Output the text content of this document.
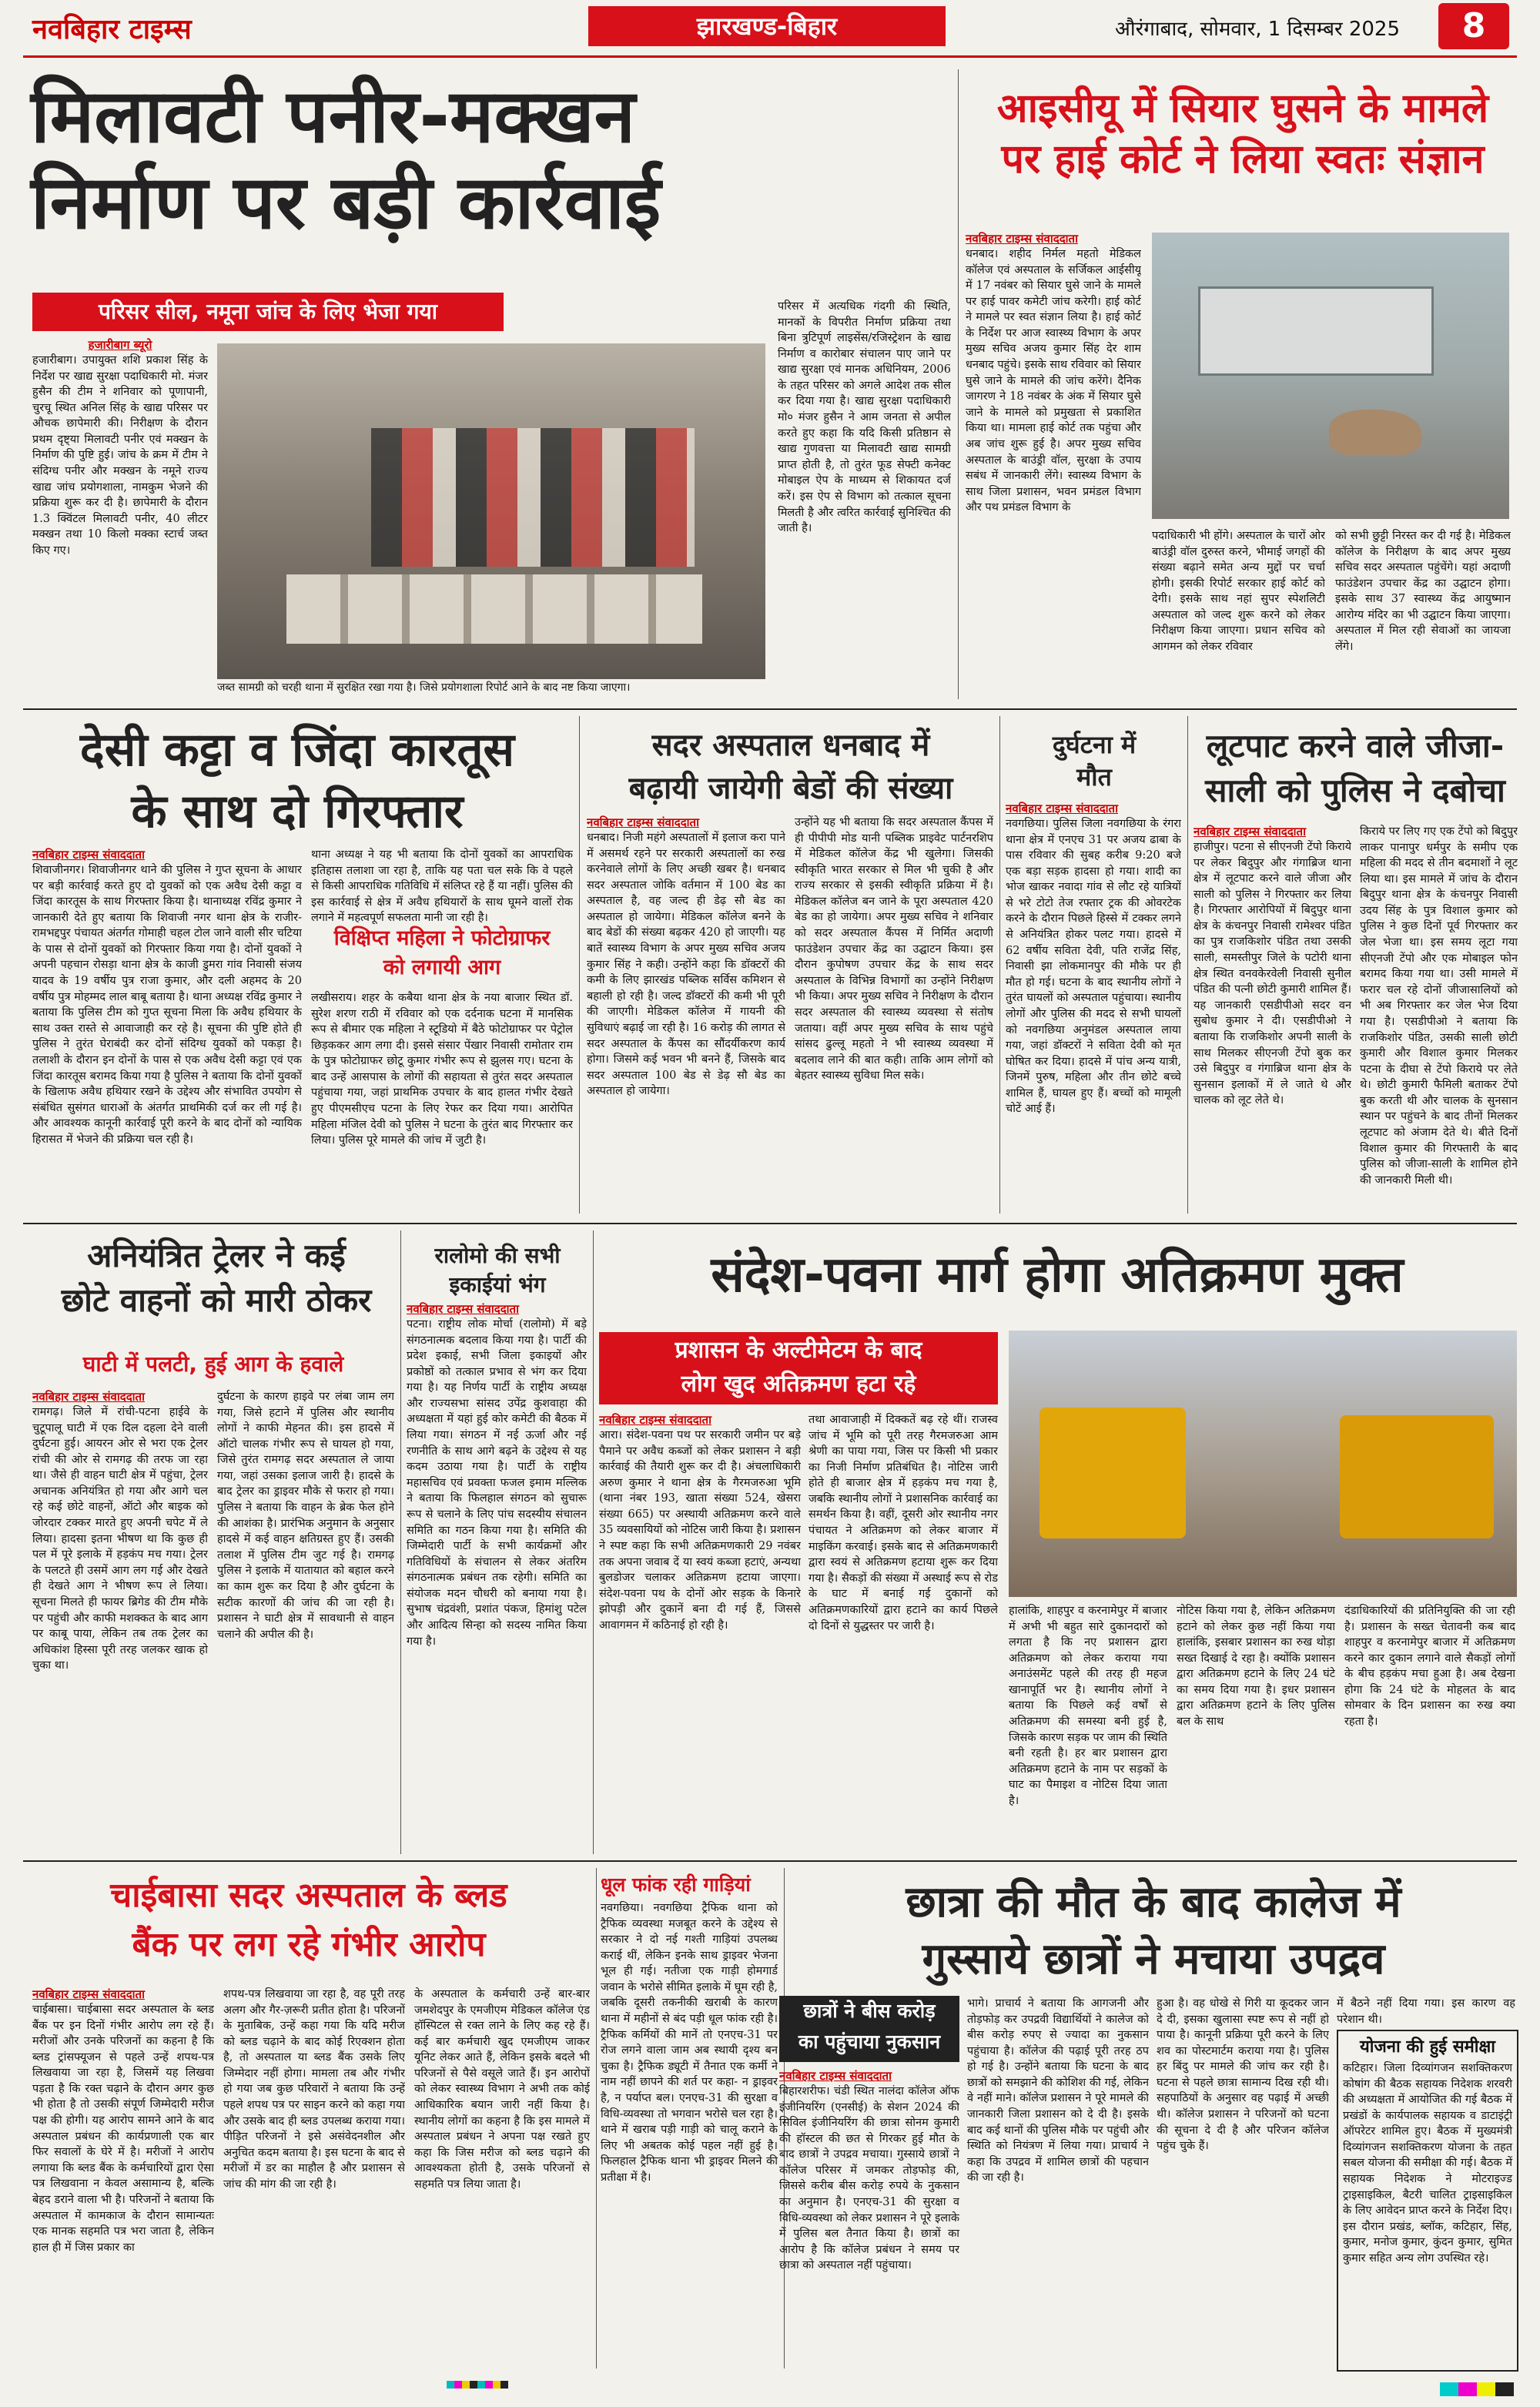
नवबिहार टाइम्स	झारखण्ड-बिहार	औरंगाबाद, सोमवार, 1 दिसम्बर 2025	8
मिलावटी पनीर-मक्खन
निर्माण पर बड़ी कार्रवाई
परिसर सील, नमूना जांच के लिए भेजा गया
हजारीबाग ब्यूरो
हजारीबाग। उपायुक्त शशि प्रकाश सिंह के निर्देश पर खाद्य सुरक्षा पदाधिकारी मो. मंजर हुसैन की टीम ने शनिवार को पूणापानी, चुरचू स्थित अनिल सिंह के खाद्य परिसर पर औचक छापेमारी की। निरीक्षण के दौरान प्रथम दृष्ट्या मिलावटी पनीर एवं मक्खन के निर्माण की पुष्टि हुई। जांच के क्रम में टीम ने संदिग्ध पनीर और मक्खन के नमूने राज्य खाद्य जांच प्रयोगशाला, नामकुम भेजने की प्रक्रिया शुरू कर दी है। छापेमारी के दौरान 1.3 क्विंटल मिलावटी पनीर, 40 लीटर मक्खन तथा 10 किलो मक्का स्टार्च जब्त किए गए।
जब्त सामग्री को चरही थाना में सुरक्षित रखा गया है। जिसे प्रयोगशाला रिपोर्ट आने के बाद नष्ट किया जाएगा।
परिसर में अत्यधिक गंदगी की स्थिति, मानकों के विपरीत निर्माण प्रक्रिया तथा बिना त्रुटिपूर्ण लाइसेंस/रजिस्ट्रेशन के खाद्य निर्माण व कारोबार संचालन पाए जाने पर खाद्य सुरक्षा एवं मानक अधिनियम, 2006 के तहत परिसर को अगले आदेश तक सील कर दिया गया है। खाद्य सुरक्षा पदाधिकारी मो० मंजर हुसैन ने आम जनता से अपील करते हुए कहा कि यदि किसी प्रतिष्ठान से खाद्य गुणवत्ता या मिलावटी खाद्य सामग्री प्राप्त होती है, तो तुरंत फूड सेफ्टी कनेक्ट मोबाइल ऐप के माध्यम से शिकायत दर्ज करें। इस ऐप से विभाग को तत्काल सूचना मिलती है और त्वरित कार्रवाई सुनिश्चित की जाती है।
आइसीयू में सियार घुसने के मामले
पर हाई कोर्ट ने लिया स्वतः संज्ञान
नवबिहार टाइम्स संवाददाता
धनबाद। शहीद निर्मल महतो मेडिकल कॉलेज एवं अस्पताल के सर्जिकल आईसीयू में 17 नवंबर को सियार घुसे जाने के मामले पर हाई पावर कमेटी जांच करेगी। हाई कोर्ट ने मामले पर स्वत संज्ञान लिया है। हाई कोर्ट के निर्देश पर आज स्वास्थ्य विभाग के अपर मुख्य सचिव अजय कुमार सिंह देर शाम धनबाद पहुंचे। इसके साथ रविवार को सियार घुसे जाने के मामले की जांच करेंगे। दैनिक जागरण ने 18 नवंबर के अंक में सियार घुसे जाने के मामले को प्रमुखता से प्रकाशित किया था। मामला हाई कोर्ट तक पहुंचा और अब जांच शुरू हुई है। अपर मुख्य सचिव अस्पताल के बाउंड्री वॉल, सुरक्षा के उपाय सबंध में जानकारी लेंगे। स्वास्थ्य विभाग के साथ जिला प्रशासन, भवन प्रमंडल विभाग और पथ प्रमंडल विभाग के
पदाधिकारी भी होंगे। अस्पताल के चारों ओर बाउंड्री वॉल दुरुस्त करने, भीमाई जगहों की संख्या बढ़ाने समेत अन्य मुद्दों पर चर्चा होगी। इसकी रिपोर्ट सरकार हाई कोर्ट को देगी। इसके साथ नहां सुपर स्पेशलिटी अस्पताल को जल्द शुरू करने को लेकर निरीक्षण किया जाएगा। प्रधान सचिव को आगमन को लेकर रविवार
को सभी छुट्टी निरस्त कर दी गई है। मेडिकल कॉलेज के निरीक्षण के बाद अपर मुख्य सचिव सदर अस्पताल पहुंचेंगे। यहां अदाणी फाउंडेशन उपचार केंद्र का उद्घाटन होगा। इसके साथ 37 स्वास्थ्य केंद्र आयुष्मान आरोग्य मंदिर का भी उद्घाटन किया जाएगा। अस्पताल में मिल रही सेवाओं का जायजा लेंगे।
देसी कट्टा व जिंदा कारतूस
के साथ दो गिरफ्तार
नवबिहार टाइम्स संवाददाता
शिवाजीनगर। शिवाजीनगर थाने की पुलिस ने गुप्त सूचना के आधार पर बड़ी कार्रवाई करते हुए दो युवकों को एक अवैध देसी कट्टा व जिंदा कारतूस के साथ गिरफ्तार किया है। थानाध्यक्ष रविंद्र कुमार ने जानकारी देते हुए बताया कि शिवाजी नगर थाना क्षेत्र के राजीर-रामभद्दपुर पंचायत अंतर्गत गोमाही चहल टोल जाने वाली सीर चटिया के पास से दोनों युवकों को गिरफ्तार किया गया है। दोनों युवकों ने अपनी पहचान रोसड़ा थाना क्षेत्र के काजी डुमरा गांव निवासी संजय यादव के 19 वर्षीय पुत्र राजा कुमार, और दली अहमद के 20 वर्षीय पुत्र मोहम्मद लाल बाबू बताया है। थाना अध्यक्ष रविंद्र कुमार ने बताया कि पुलिस टीम को गुप्त सूचना मिला कि अवैध हथियार के साथ उक्त रास्ते से आवाजाही कर रहे है। सूचना की पुष्टि होते ही पुलिस ने तुरंत घेराबंदी कर दोनों संदिग्ध युवकों को पकड़ा है। तलाशी के दौरान इन दोनों के पास से एक अवैध देसी कट्टा एवं एक जिंदा कारतूस बरामद किया गया है पुलिस ने बताया कि दोनों युवकों के खिलाफ अवैध हथियार रखने के उद्देश्य और संभावित उपयोग से संबंधित सुसंगत धाराओं के अंतर्गत प्राथमिकी दर्ज कर ली गई है। और आवश्यक कानूनी कार्रवाई पूरी करने के बाद दोनों को न्यायिक हिरासत में भेजने की प्रक्रिया चल रही है।
थाना अध्यक्ष ने यह भी बताया कि दोनों युवकों का आपराधिक इतिहास तलाशा जा रहा है, ताकि यह पता चल सके कि वे पहले से किसी आपराधिक गतिविधि में संलिप्त रहे हैं या नहीं। पुलिस की इस कार्रवाई से क्षेत्र में अवैध हथियारों के साथ घूमने वालों रोक लगाने में महत्वपूर्ण सफलता मानी जा रही है।
विक्षिप्त महिला ने फोटोग्राफर
को लगायी आग
लखीसराय। शहर के कबैया थाना क्षेत्र के नया बाजार स्थित डॉ. सुरेश शरण राठी में रविवार को एक दर्दनाक घटना में मानसिक रूप से बीमार एक महिला ने स्टूडियो में बैठे फोटोग्राफर पर पेट्रोल छिड़ककर आग लगा दी। इससे संसार पेंखार निवासी रामोतार राम के पुत्र फोटोग्राफर छोटू कुमार गंभीर रूप से झुलस गए। घटना के बाद उन्हें आसपास के लोगों की सहायता से तुरंत सदर अस्पताल पहुंचाया गया, जहां प्राथमिक उपचार के बाद हालत गंभीर देखते हुए पीएमसीएच पटना के लिए रेफर कर दिया गया। आरोपित महिला मंजिल देवी को पुलिस ने घटना के तुरंत बाद गिरफ्तार कर लिया। पुलिस पूरे मामले की जांच में जुटी है।
सदर अस्पताल धनबाद में
बढ़ायी जायेगी बेडों की संख्या
नवबिहार टाइम्स संवाददाता
धनबाद। निजी महंगे अस्पतालों में इलाज करा पाने में असमर्थ रहने पर सरकारी अस्पतालों का रुख करनेवाले लोगों के लिए अच्छी खबर है। धनबाद सदर अस्पताल जोकि वर्तमान में 100 बेड का अस्पताल है, वह जल्द ही डेढ़ सौ बेड का अस्पताल हो जायेगा। मेडिकल कॉलेज बनने के बाद बेडों की संख्या बढ़कर 420 हो जाएगी। यह बातें स्वास्थ्य विभाग के अपर मुख्य सचिव अजय कुमार सिंह ने कही। उन्होंने कहा कि डॉक्टरों की कमी के लिए झारखंड पब्लिक सर्विस कमिशन से बहाली हो रही है। जल्द डॉक्टरों की कमी भी पूरी की जाएगी। मेडिकल कॉलेज में गायनी की सुविधाएं बढ़ाई जा रही है। 16 करोड़ की लागत से सदर अस्पताल के कैंपस का सौंदर्यीकरण कार्य होगा। जिसमे कई भवन भी बनने हैं, जिसके बाद सदर अस्पताल 100 बेड से डेढ़ सौ बेड का अस्पताल हो जायेगा।
उन्होंने यह भी बताया कि सदर अस्पताल कैंपस में ही पीपीपी मोड यानी पब्लिक प्राइवेट पार्टनरशिप में मेडिकल कॉलेज केंद्र भी खुलेगा। जिसकी स्वीकृति भारत सरकार से मिल भी चुकी है और राज्य सरकार से इसकी स्वीकृति प्रक्रिया में है। मेडिकल कॉलेज बन जाने के पूरा अस्पताल 420 बेड का हो जायेगा। अपर मुख्य सचिव ने शनिवार को सदर अस्पताल कैंपस में निर्मित अदाणी फाउंडेशन उपचार केंद्र का उद्घाटन किया। इस दौरान कुपोषण उपचार केंद्र के साथ सदर अस्पताल के विभिन्न विभागों का उन्होंने निरीक्षण भी किया। अपर मुख्य सचिव ने निरीक्षण के दौरान सदर अस्पताल की स्वास्थ्य व्यवस्था से संतोष जताया। वहीं अपर मुख्य सचिव के साथ पहुंचे सांसद ढुल्लू महतो ने भी स्वास्थ्य व्यवस्था में बदलाव लाने की बात कही। ताकि आम लोगों को बेहतर स्वास्थ्य सुविधा मिल सके।
दुर्घटना में
मौत
नवबिहार टाइम्स संवाददाता
नवगछिया। पुलिस जिला नवगछिया के रंगरा थाना क्षेत्र में एनएच 31 पर अजय ढाबा के पास रविवार की सुबह करीब 9:20 बजे एक बड़ा सड़क हादसा हो गया। शादी का भोज खाकर नवादा गांव से लौट रहे यात्रियों से भरे टोटो तेज रफ्तार ट्रक की ओवरटेक करने के दौरान पिछले हिस्से में टक्कर लगने से अनियंत्रित होकर पलट गया। हादसे में 62 वर्षीय सविता देवी, पति राजेंद्र सिंह, निवासी झा लोकमानपुर की मौके पर ही मौत हो गई। घटना के बाद स्थानीय लोगों ने तुरंत घायलों को अस्पताल पहुंचाया। स्थानीय लोगों और पुलिस की मदद से सभी घायलों को नवगछिया अनुमंडल अस्पताल लाया गया, जहां डॉक्टरों ने सविता देवी को मृत घोषित कर दिया। हादसे में पांच अन्य यात्री, जिनमें पुरुष, महिला और तीन छोटे बच्चे शामिल हैं, घायल हुए हैं। बच्चों को मामूली चोटें आई हैं।
लूटपाट करने वाले जीजा-
साली को पुलिस ने दबोचा
नवबिहार टाइम्स संवाददाता
हाजीपुर। पटना से सीएनजी टेंपो किराये पर लेकर बिदुपुर और गंगाब्रिज थाना क्षेत्र में लूटपाट करने वाले जीजा और साली को पुलिस ने गिरफ्तार कर लिया है। गिरफ्तार आरोपियों में बिदुपुर थाना क्षेत्र के कंचनपुर निवासी रामेश्वर पंडित का पुत्र राजकिशोर पंडित तथा उसकी साली, समस्तीपुर जिले के पटोरी थाना क्षेत्र स्थित वनवकेरवेली निवासी सुनील पंडित की पत्नी छोटी कुमारी शामिल हैं। यह जानकारी एसडीपीओ सदर वन सुबोध कुमार ने दी। एसडीपीओ ने बताया कि राजकिशोर अपनी साली के साथ मिलकर सीएनजी टेंपो बुक कर उसे बिदुपुर व गंगाब्रिज थाना क्षेत्र के सुनसान इलाकों में ले जाते थे और चालक को लूट लेते थे।
किराये पर लिए गए एक टेंपो को बिदुपुर लाकर पानापुर धर्मपुर के समीप एक महिला की मदद से तीन बदमाशों ने लूट लिया था। इस मामले में जांच के दौरान बिदुपुर थाना क्षेत्र के कंचनपुर निवासी उदय सिंह के पुत्र विशाल कुमार को पुलिस ने कुछ दिनों पूर्व गिरफ्तार कर जेल भेजा था। इस समय लूटा गया सीएनजी टेंपो और एक मोबाइल फोन बरामद किया गया था। उसी मामले में फरार चल रहे दोनों जीजासालियों को भी अब गिरफ्तार कर जेल भेज दिया गया है। एसडीपीओ ने बताया कि राजकिशोर पंडित, उसकी साली छोटी कुमारी और विशाल कुमार मिलकर पटना के दीघा से टेंपो किराये पर लेते थे। छोटी कुमारी फैमिली बताकर टेंपो बुक करती थी और चालक के सुनसान स्थान पर पहुंचने के बाद तीनों मिलकर लूटपाट को अंजाम देते थे। बीते दिनों विशाल कुमार की गिरफ्तारी के बाद पुलिस को जीजा-साली के शामिल होने की जानकारी मिली थी।
अनियंत्रित ट्रेलर ने कई
छोटे वाहनों को मारी ठोकर
घाटी में पलटी, हुई आग के हवाले
नवबिहार टाइम्स संवाददाता
रामगढ़। जिले में रांची-पटना हाईवे के चुटूपालू घाटी में एक दिल दहला देने वाली दुर्घटना हुई। आयरन ओर से भरा एक ट्रेलर रांची की ओर से रामगढ़ की तरफ जा रहा था। जैसे ही वाहन घाटी क्षेत्र में पहुंचा, ट्रेलर अचानक अनियंत्रित हो गया और आगे चल रहे कई छोटे वाहनों, ऑटो और बाइक को जोरदार टक्कर मारते हुए अपनी चपेट में ले लिया। हादसा इतना भीषण था कि कुछ ही पल में पूरे इलाके में हड़कंप मच गया। ट्रेलर के पलटते ही उसमें आग लग गई और देखते ही देखते आग ने भीषण रूप ले लिया। सूचना मिलते ही फायर ब्रिगेड की टीम मौके पर पहुंची और काफी मशक्कत के बाद आग पर काबू पाया, लेकिन तब तक ट्रेलर का अधिकांश हिस्सा पूरी तरह जलकर खाक हो चुका था।
दुर्घटना के कारण हाइवे पर लंबा जाम लग गया, जिसे हटाने में पुलिस और स्थानीय लोगों ने काफी मेहनत की। इस हादसे में ऑटो चालक गंभीर रूप से घायल हो गया, जिसे तुरंत रामगढ़ सदर अस्पताल ले जाया गया, जहां उसका इलाज जारी है। हादसे के बाद ट्रेलर का ड्राइवर मौके से फरार हो गया। पुलिस ने बताया कि वाहन के ब्रेक फेल होने की आशंका है। प्रारंभिक अनुमान के अनुसार हादसे में कई वाहन क्षतिग्रस्त हुए हैं। उसकी तलाश में पुलिस टीम जुट गई है। रामगढ़ पुलिस ने इलाके में यातायात को बहाल करने का काम शुरू कर दिया है और दुर्घटना के सटीक कारणों की जांच की जा रही है। प्रशासन ने घाटी क्षेत्र में सावधानी से वाहन चलाने की अपील की है।
रालोमो की सभी
इकाईयां भंग
नवबिहार टाइम्स संवाददाता
पटना। राष्ट्रीय लोक मोर्चा (रालोमो) में बड़े संगठनात्मक बदलाव किया गया है। पार्टी की प्रदेश इकाई, सभी जिला इकाइयों और प्रकोष्ठों को तत्काल प्रभाव से भंग कर दिया गया है। यह निर्णय पार्टी के राष्ट्रीय अध्यक्ष और राज्यसभा सांसद उपेंद्र कुशवाहा की अध्यक्षता में यहां हुई कोर कमेटी की बैठक में लिया गया। संगठन में नई ऊर्जा और नई रणनीति के साथ आगे बढ़ने के उद्देश्य से यह कदम उठाया गया है। पार्टी के राष्ट्रीय महासचिव एवं प्रवक्ता फजल इमाम मल्लिक ने बताया कि फिलहाल संगठन को सुचारू रूप से चलाने के लिए पांच सदस्यीय संचालन समिति का गठन किया गया है। समिति की जिम्मेदारी पार्टी के सभी कार्यक्रमों और गतिविधियों के संचालन से लेकर अंतरिम संगठनात्मक प्रबंधन तक रहेगी। समिति का संयोजक मदन चौधरी को बनाया गया है। सुभाष चंद्रवंशी, प्रशांत पंकज, हिमांशु पटेल और आदित्य सिन्हा को सदस्य नामित किया गया है।
संदेश-पवना मार्ग होगा अतिक्रमण मुक्त
प्रशासन के अल्टीमेटम के बाद
लोग खुद अतिक्रमण हटा रहे
नवबिहार टाइम्स संवाददाता
आरा। संदेश-पवना पथ पर सरकारी जमीन पर बड़े पैमाने पर अवैध कब्जों को लेकर प्रशासन ने बड़ी कार्रवाई की तैयारी शुरू कर दी है। अंचलाधिकारी अरुण कुमार ने थाना क्षेत्र के गैरमजरुआ भूमि (थाना नंबर 193, खाता संख्या 524, खेसरा संख्या 665) पर अस्थायी अतिक्रमण करने वाले 35 व्यवसायियों को नोटिस जारी किया है। प्रशासन ने स्पष्ट कहा कि सभी अतिक्रमणकारी 29 नवंबर तक अपना जवाब दें या स्वयं कब्जा हटाएं, अन्यथा बुलडोजर चलाकर अतिक्रमण हटाया जाएगा। संदेश-पवना पथ के दोनों ओर सड़क के किनारे झोपड़ी और दुकानें बना दी गई हैं, जिससे आवागमन में कठिनाई हो रही है।
तथा आवाजाही में दिक्कतें बढ़ रहे थीं। राजस्व जांच में भूमि को पूरी तरह गैरमजरुआ आम श्रेणी का पाया गया, जिस पर किसी भी प्रकार का निजी निर्माण प्रतिबंधित है। नोटिस जारी होते ही बाजार क्षेत्र में हड़कंप मच गया है, जबकि स्थानीय लोगों ने प्रशासनिक कार्रवाई का समर्थन किया है। वहीं, दूसरी ओर स्थानीय नगर पंचायत ने अतिक्रमण को लेकर बाजार में माइकिंग करवाई। इसके बाद से अतिक्रमणकारी द्वारा स्वयं से अतिक्रमण हटाया शुरू कर दिया गया है। सैकड़ों की संख्या में अस्थाई रूप से रोड के घाट में बनाई गई दुकानों को अतिक्रमणकारियों द्वारा हटाने का कार्य पिछले दो दिनों से युद्धस्तर पर जारी है।
हालांकि, शाहपुर व करनामेपुर में बाजार में अभी भी बहुत सारे दुकानदारों को लगता है कि नए प्रशासन द्वारा अतिक्रमण को लेकर कराया गया अनाउंसमेंट पहले की तरह ही महज खानापूर्ति भर है। स्थानीय लोगों ने बताया कि पिछले कई वर्षों से अतिक्रमण की समस्या बनी हुई है, जिसके कारण सड़क पर जाम की स्थिति बनी रहती है। हर बार प्रशासन द्वारा अतिक्रमण हटाने के नाम पर सड़कों के घाट का पैमाइश व नोटिस दिया जाता है।
नोटिस किया गया है, लेकिन अतिक्रमण हटाने को लेकर कुछ नहीं किया गया हालांकि, इसबार प्रशासन का रुख थोड़ा सख्त दिखाई दे रहा है। क्योंकि प्रशासन द्वारा अतिक्रमण हटाने के लिए 24 घंटे का समय दिया गया है। इधर प्रशासन द्वारा अतिक्रमण हटाने के लिए पुलिस बल के साथ
दंडाधिकारियों की प्रतिनियुक्ति की जा रही है। प्रशासन के सख्त चेतावनी कब बाद शाहपुर व करनामेपुर बाजार में अतिक्रमण करने कार दुकान लगाने वाले सैकड़ों लोगों के बीच हड़कंप मचा हुआ है। अब देखना होगा कि 24 घंटे के मोहलत के बाद सोमवार के दिन प्रशासन का रुख क्या रहता है।
चाईबासा सदर अस्पताल के ब्लड
बैंक पर लग रहे गंभीर आरोप
नवबिहार टाइम्स संवाददाता
चाईबासा। चाईबासा सदर अस्पताल के ब्लड बैंक पर इन दिनों गंभीर आरोप लग रहे हैं। मरीजों और उनके परिजनों का कहना है कि ब्लड ट्रांसफ्यूजन से पहले उन्हें शपथ-पत्र लिखवाया जा रहा है, जिसमें यह लिखवा पड़ता है कि रक्त चढ़ाने के दौरान अगर कुछ भी होता है तो उसकी संपूर्ण जिम्मेदारी मरीज पक्ष की होगी। यह आरोप सामने आने के बाद अस्पताल प्रबंधन की कार्यप्रणाली एक बार फिर सवालों के घेरे में है। मरीजों ने आरोप लगाया कि ब्लड बैंक के कर्मचारियों द्वारा ऐसा पत्र लिखवाना न केवल असामान्य है, बल्कि बेहद डराने वाला भी है। परिजनों ने बताया कि अस्पताल में कामकाज के दौरान सामान्यतः एक मानक सहमति पत्र भरा जाता है, लेकिन हाल ही में जिस प्रकार का
शपथ-पत्र लिखवाया जा रहा है, वह पूरी तरह अलग और गैर-ज़रूरी प्रतीत होता है। परिजनों के मुताबिक, उन्हें कहा गया कि यदि मरीज को ब्लड चढ़ाने के बाद कोई रिएक्शन होता है, तो अस्पताल या ब्लड बैंक उसके लिए जिम्मेदार नहीं होगा। मामला तब और गंभीर हो गया जब कुछ परिवारों ने बताया कि उन्हें पहले शपथ पत्र पर साइन करने को कहा गया और उसके बाद ही ब्लड उपलब्ध कराया गया। पीड़ित परिजनों ने इसे असंवेदनशील और अनुचित कदम बताया है। इस घटना के बाद से मरीजों में डर का माहौल है और प्रशासन से जांच की मांग की जा रही है।
के अस्पताल के कर्मचारी उन्हें बार-बार जमशेदपुर के एमजीएम मेडिकल कॉलेज एंड हॉस्पिटल से रक्त लाने के लिए कह रहे हैं। कई बार कर्मचारी खुद एमजीएम जाकर यूनिट लेकर आते हैं, लेकिन इसके बदले भी परिजनों से पैसे वसूले जाते हैं। इन आरोपों को लेकर स्वास्थ्य विभाग ने अभी तक कोई आधिकारिक बयान जारी नहीं किया है। स्थानीय लोगों का कहना है कि इस मामले में अस्पताल प्रबंधन ने अपना पक्ष रखते हुए कहा कि जिस मरीज को ब्लड चढ़ाने की आवश्यकता होती है, उसके परिजनों से सहमति पत्र लिया जाता है।
धूल फांक रही गाड़ियां
नवगछिया। नवगछिया ट्रैफिक थाना को ट्रैफिक व्यवस्था मजबूत करने के उद्देश्य से सरकार ने दो नई गश्ती गाड़ियां उपलब्ध कराई थीं, लेकिन इनके साथ ड्राइवर भेजना भूल ही गई। नतीजा एक गाड़ी होमगार्ड जवान के भरोसे सीमित इलाके में घूम रही है, जबकि दूसरी तकनीकी खराबी के कारण थाना में महीनों से बंद पड़ी धूल फांक रही है। ट्रैफिक कर्मियों की मानें तो एनएच-31 पर रोज लगने वाला जाम अब स्थायी दृश्य बन चुका है। ट्रैफिक ड्यूटी में तैनात एक कर्मी ने नाम नहीं छापने की शर्त पर कहा- न ड्राइवर है, न पर्याप्त बल। एनएच-31 की सुरक्षा व विधि-व्यवस्था तो भगवान भरोसे चल रहा है। थाने में खराब पड़ी गाड़ी को चालू कराने के लिए भी अबतक कोई पहल नहीं हुई है। फिलहाल ट्रैफिक थाना भी ड्राइवर मिलने की प्रतीक्षा में है।
छात्रा की मौत के बाद कालेज में
गुस्साये छात्रों ने मचाया उपद्रव
छात्रों ने बीस करोड़
का पहुंचाया नुकसान
नवबिहार टाइम्स संवाददाता
बिहारशरीफ। चंडी स्थित नालंदा कॉलेज ऑफ इंजीनियरिंग (एनसीई) के सेशन 2024 की सिविल इंजीनियरिंग की छात्रा सोनम कुमारी की हॉस्टल की छत से गिरकर हुई मौत के बाद छात्रों ने उपद्रव मचाया। गुस्साये छात्रों ने कॉलेज परिसर में जमकर तोड़फोड़ की, जिससे करीब बीस करोड़ रुपये के नुकसान का अनुमान है। एनएच-31 की सुरक्षा व विधि-व्यवस्था को लेकर प्रशासन ने पूरे इलाके में पुलिस बल तैनात किया है। छात्रों का आरोप है कि कॉलेज प्रबंधन ने समय पर छात्रा को अस्पताल नहीं पहुंचाया।
भागे। प्राचार्य ने बताया कि आगजनी और तोड़फोड़ कर उपद्रवी विद्यार्थियों ने कालेज को बीस करोड़ रुपए से ज्यादा का नुकसान पहुंचाया है। कॉलेज की पढ़ाई पूरी तरह ठप हो गई है। उन्होंने बताया कि घटना के बाद छात्रों को समझाने की कोशिश की गई, लेकिन वे नहीं माने। कॉलेज प्रशासन ने पूरे मामले की जानकारी जिला प्रशासन को दे दी है। इसके बाद कई थानों की पुलिस मौके पर पहुंची और स्थिति को नियंत्रण में लिया गया। प्राचार्य ने कहा कि उपद्रव में शामिल छात्रों की पहचान की जा रही है।
हुआ है। वह धोखे से गिरी या कूदकर जान दे दी, इसका खुलासा स्पष्ट रूप से नहीं हो पाया है। कानूनी प्रक्रिया पूरी करने के लिए शव का पोस्टमार्टम कराया गया है। पुलिस हर बिंदु पर मामले की जांच कर रही है। घटना से पहले छात्रा सामान्य दिख रही थी। सहपाठियों के अनुसार वह पढ़ाई में अच्छी थी। कॉलेज प्रशासन ने परिजनों को घटना की सूचना दे दी है और परिजन कॉलेज पहुंच चुके हैं।
में बैठने नहीं दिया गया। इस कारण वह परेशान थी।
योजना की हुई समीक्षा
कटिहार। जिला दिव्यांगजन सशक्तिकरण कोषांग की बैठक सहायक निदेशक शरवरी की अध्यक्षता में आयोजित की गई बैठक में प्रखंडों के कार्यपालक सहायक व डाटाइंट्री ऑपरेटर शामिल हुए। बैठक में मुख्यमंत्री दिव्यांगजन सशक्तिकरण योजना के तहत सबल योजना की समीक्षा की गई। बैठक में सहायक निदेशक ने मोटराइज्ड ट्राइसाइकिल, बैटरी चालित ट्राइसाइकिल के लिए आवेदन प्राप्त करने के निर्देश दिए। इस दौरान प्रखंड, ब्लॉक, कटिहार, सिंह, कुमार, मनोज कुमार, कुंदन कुमार, सुमित कुमार सहित अन्य लोग उपस्थित रहे।
